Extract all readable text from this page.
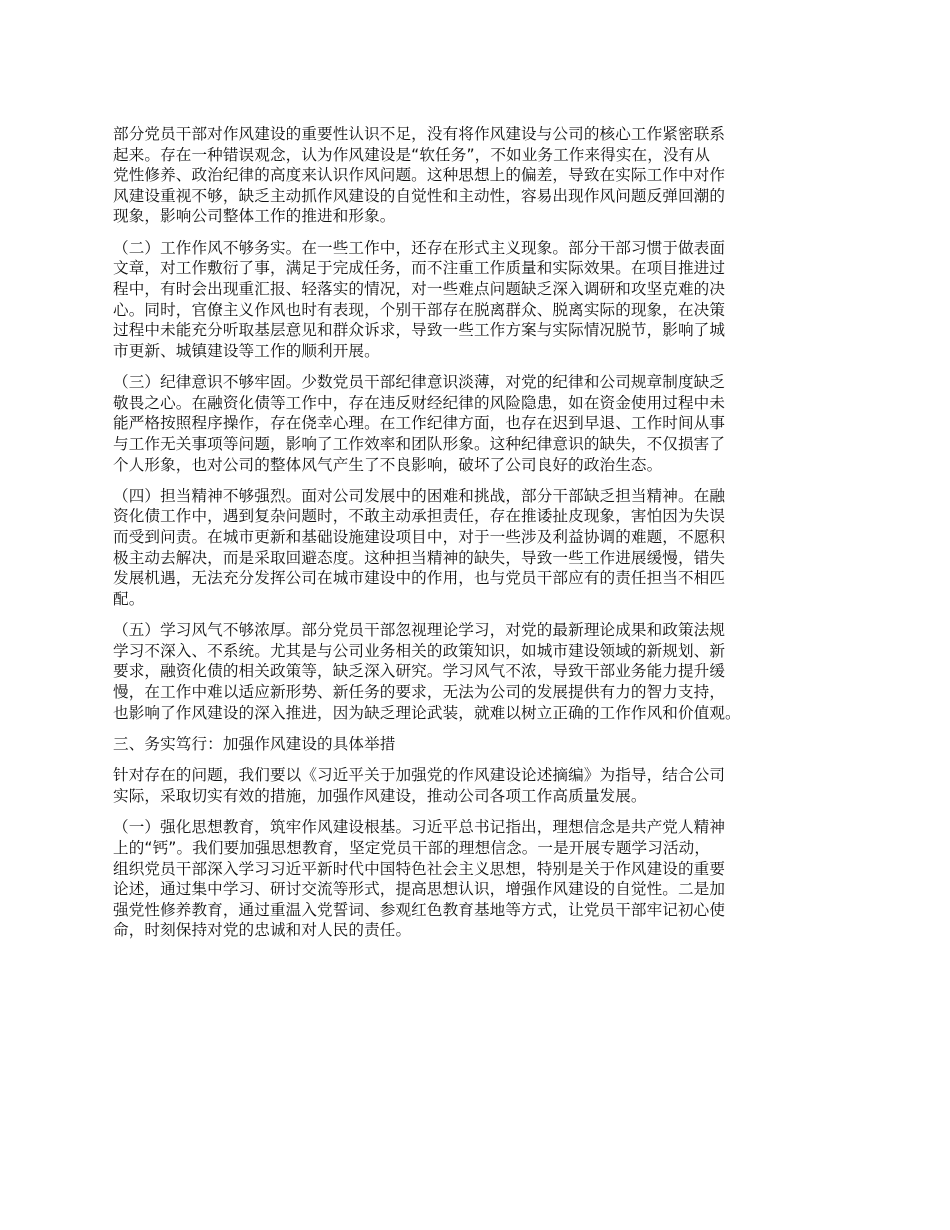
部分党员干部对作风建设的重要性认识不足，没有将作风建设与公司的核心工作紧密联系
起来。存在一种错误观念，认为作风建设是“软任务”，不如业务工作来得实在，没有从
党性修养、政治纪律的高度来认识作风问题。这种思想上的偏差，导致在实际工作中对作
风建设重视不够，缺乏主动抓作风建设的自觉性和主动性，容易出现作风问题反弹回潮的
现象，影响公司整体工作的推进和形象。
（二）工作作风不够务实。在一些工作中，还存在形式主义现象。部分干部习惯于做表面
文章，对工作敷衍了事，满足于完成任务，而不注重工作质量和实际效果。在项目推进过
程中，有时会出现重汇报、轻落实的情况，对一些难点问题缺乏深入调研和攻坚克难的决
心。同时，官僚主义作风也时有表现，个别干部存在脱离群众、脱离实际的现象，在决策
过程中未能充分听取基层意见和群众诉求，导致一些工作方案与实际情况脱节，影响了城
市更新、城镇建设等工作的顺利开展。
（三）纪律意识不够牢固。少数党员干部纪律意识淡薄，对党的纪律和公司规章制度缺乏
敬畏之心。在融资化债等工作中，存在违反财经纪律的风险隐患，如在资金使用过程中未
能严格按照程序操作，存在侥幸心理。在工作纪律方面，也存在迟到早退、工作时间从事
与工作无关事项等问题，影响了工作效率和团队形象。这种纪律意识的缺失，不仅损害了
个人形象，也对公司的整体风气产生了不良影响，破坏了公司良好的政治生态。
（四）担当精神不够强烈。面对公司发展中的困难和挑战，部分干部缺乏担当精神。在融
资化债工作中，遇到复杂问题时，不敢主动承担责任，存在推诿扯皮现象，害怕因为失误
而受到问责。在城市更新和基础设施建设项目中，对于一些涉及利益协调的难题，不愿积
极主动去解决，而是采取回避态度。这种担当精神的缺失，导致一些工作进展缓慢，错失
发展机遇，无法充分发挥公司在城市建设中的作用，也与党员干部应有的责任担当不相匹
配。
（五）学习风气不够浓厚。部分党员干部忽视理论学习，对党的最新理论成果和政策法规
学习不深入、不系统。尤其是与公司业务相关的政策知识，如城市建设领域的新规划、新
要求，融资化债的相关政策等，缺乏深入研究。学习风气不浓，导致干部业务能力提升缓
慢，在工作中难以适应新形势、新任务的要求，无法为公司的发展提供有力的智力支持，
也影响了作风建设的深入推进，因为缺乏理论武装，就难以树立正确的工作作风和价值观。
三、务实笃行：加强作风建设的具体举措
针对存在的问题，我们要以《习近平关于加强党的作风建设论述摘编》为指导，结合公司
实际，采取切实有效的措施，加强作风建设，推动公司各项工作高质量发展。
（一）强化思想教育，筑牢作风建设根基。习近平总书记指出，理想信念是共产党人精神
上的“钙”。我们要加强思想教育，坚定党员干部的理想信念。一是开展专题学习活动，
组织党员干部深入学习习近平新时代中国特色社会主义思想，特别是关于作风建设的重要
论述，通过集中学习、研讨交流等形式，提高思想认识，增强作风建设的自觉性。二是加
强党性修养教育，通过重温入党誓词、参观红色教育基地等方式，让党员干部牢记初心使
命，时刻保持对党的忠诚和对人民的责任。
